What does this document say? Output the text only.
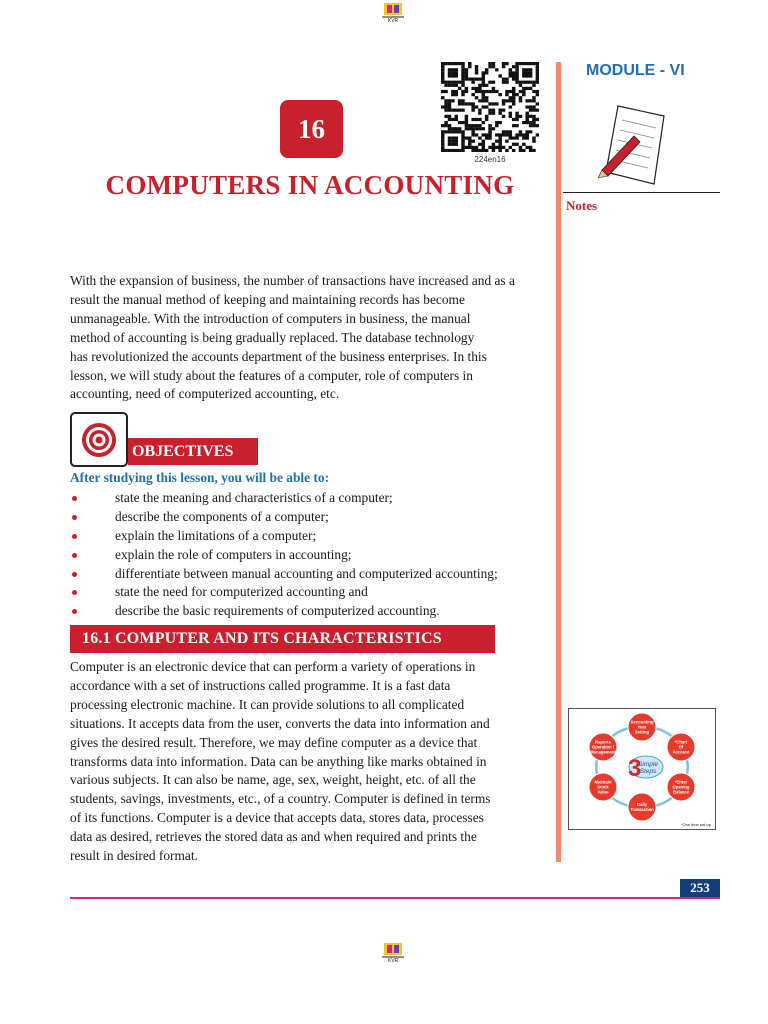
KVR
16
224en16
COMPUTERS IN ACCOUNTING
MODULE - VI
Notes
With the expansion of business, the number of transactions have increased and as a
result the manual method of keeping and maintaining records has become
unmanageable. With the introduction of computers in business, the manual
method of accounting is being gradually replaced. The database technology
has revolutionized the accounts department of the business enterprises. In this
lesson, we will study about the features of a computer, role of computers in
accounting, need of computerized accounting, etc.
OBJECTIVES
After studying this lesson, you will be able to:
state the meaning and characteristics of a computer;
describe the components of a computer;
explain the limitations of a computer;
explain the role of computers in accounting;
differentiate between manual accounting and computerized accounting;
state the need for computerized accounting and
describe the basic requirements of computerized accounting.
16.1 COMPUTER AND ITS CHARACTERISTICS
Computer is an electronic device that can perform a variety of operations in
accordance with a set of instructions called programme. It is a fast data
processing electronic machine. It can provide solutions to all complicated
situations. It accepts data from the user, converts the data into information and
gives the desired result. Therefore, we may define computer as a device that
transforms data into information. Data can be anything like marks obtained in
various subjects. It can also be name, age, sex, weight, height, etc. of all the
students, savings, investments, etc., of a country. Computer is defined in terms
of its functions. Computer is a device that accepts data, stores data, processes
data as desired, retrieves the stored data as and when required and prints the
result in desired format.
3
Simple
Steps
Accounting
Year
Setting
*Chart
Of
Account
*Enter
Opening
Balance
Daily
Transaction
Maintain
Stock
Value
Reports
Operation /
Management
*One time set-up
253
KVR
